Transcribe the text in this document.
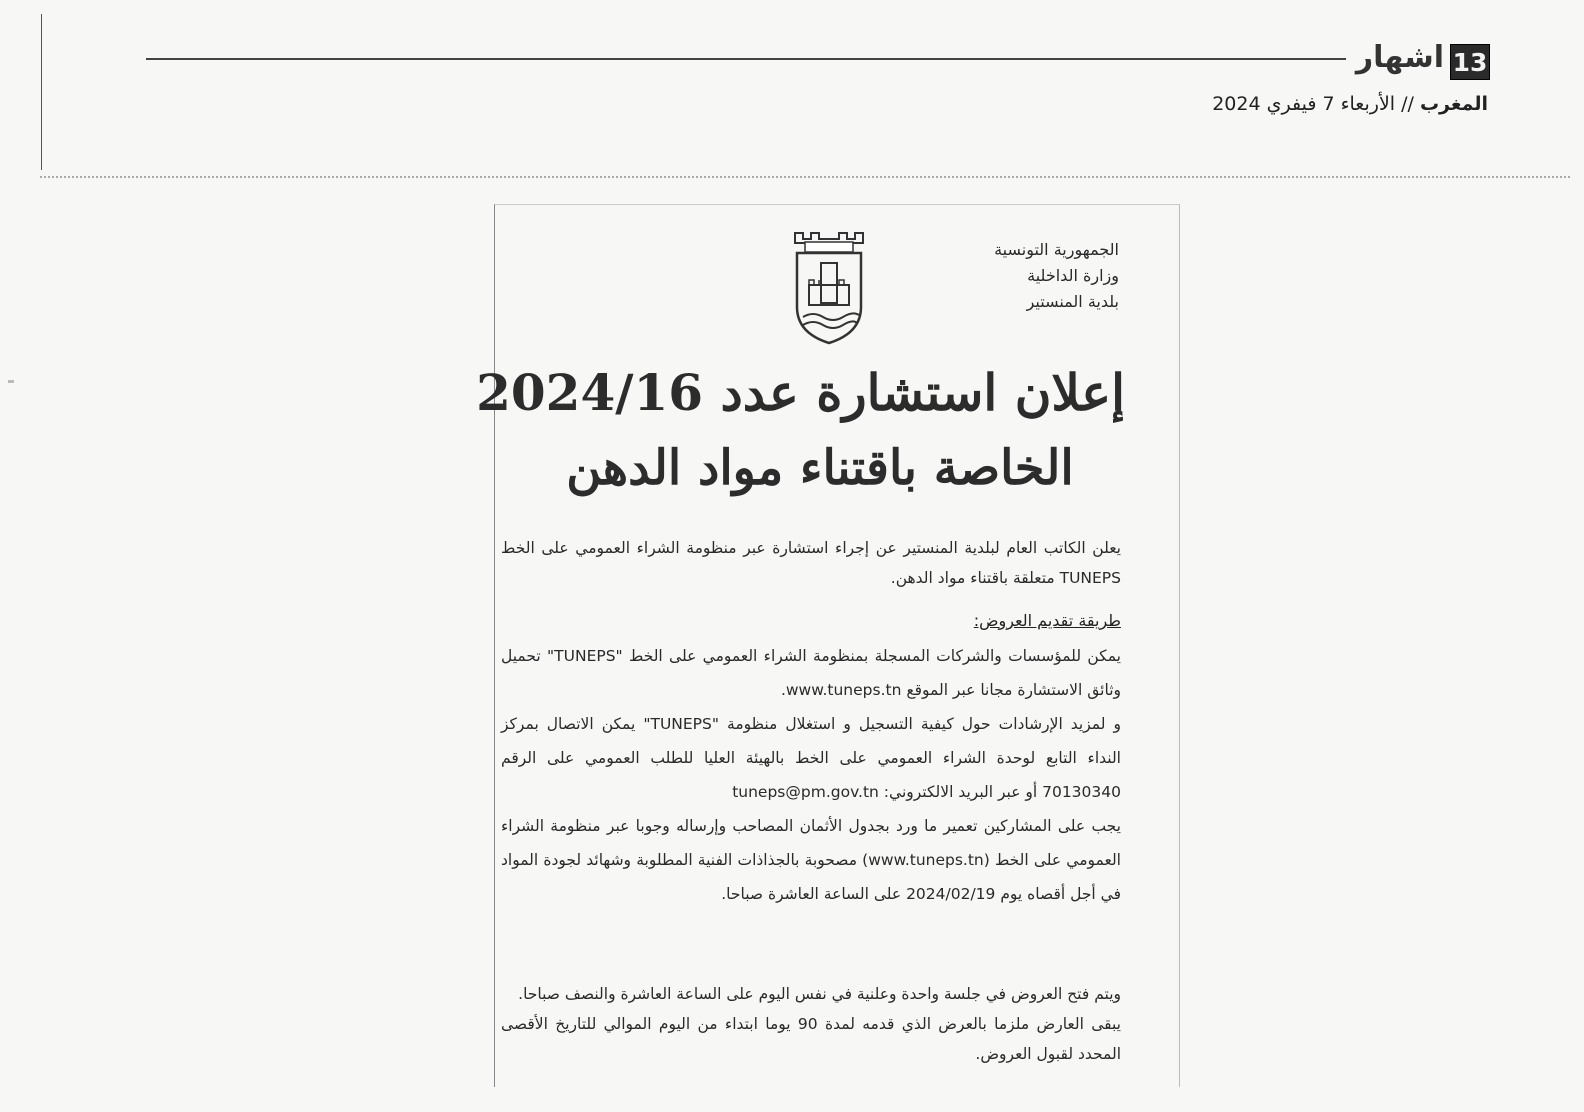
13
اشهار
المغرب // الأربعاء 7 فيفري 2024
الجمهورية التونسية
وزارة الداخلية
بلدية المنستير
إعلان استشارة عدد 2024/16
الخاصة باقتناء مواد الدهن

يعلن الكاتب العام لبلدية المنستير عن إجراء استشارة عبر منظومة الشراء العمومي على الخط TUNEPS متعلقة باقتناء مواد الدهن.

طريقة تقديم العروض:
يمكن للمؤسسات والشركات المسجلة بمنظومة الشراء العمومي على الخط "TUNEPS" تحميل وثائق الاستشارة مجانا عبر الموقع www.tuneps.tn.
و لمزيد الإرشادات حول كيفية التسجيل و استغلال منظومة "TUNEPS" يمكن الاتصال بمركز النداء التابع لوحدة الشراء العمومي على الخط بالهيئة العليا للطلب العمومي على الرقم 70130340 أو عبر البريد الالكتروني: tuneps@pm.gov.tn
يجب على المشاركين تعمير ما ورد بجدول الأثمان المصاحب وإرساله وجوبا عبر منظومة الشراء العمومي على الخط (www.tuneps.tn) مصحوبة بالجذاذات الفنية المطلوبة وشهائد لجودة المواد في أجل أقصاه يوم 2024/02/19 على الساعة العاشرة صباحا.
ويتم فتح العروض في جلسة واحدة وعلنية في نفس اليوم على الساعة العاشرة والنصف صباحا.
يبقى العارض ملزما بالعرض الذي قدمه لمدة 90 يوما ابتداء من اليوم الموالي للتاريخ الأقصى المحدد لقبول العروض.
